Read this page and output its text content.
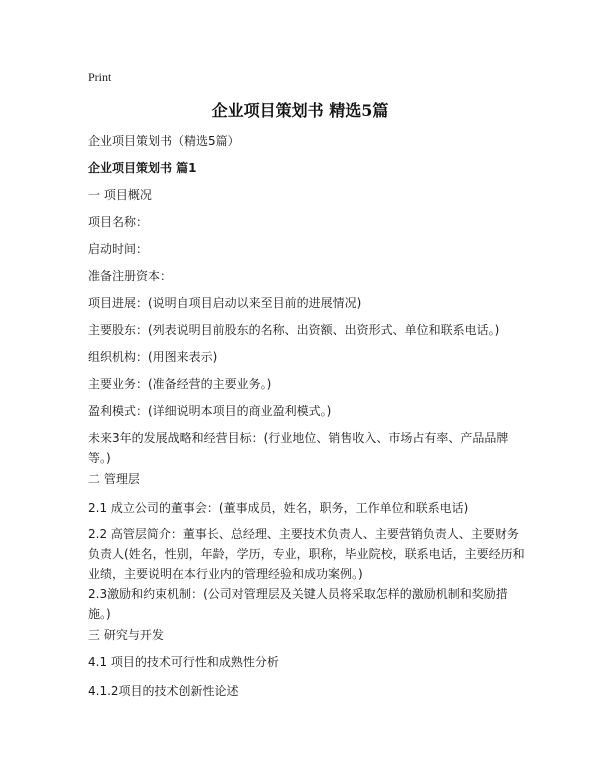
Print
企业项目策划书 精选5篇
企业项目策划书（精选5篇）
企业项目策划书 篇1
一 项目概况
项目名称：
启动时间：
准备注册资本：
项目进展：(说明自项目启动以来至目前的进展情况)
主要股东：(列表说明目前股东的名称、出资额、出资形式、单位和联系电话。)
组织机构：(用图来表示)
主要业务：(准备经营的主要业务。)
盈利模式：(详细说明本项目的商业盈利模式。)
未来3年的发展战略和经营目标：(行业地位、销售收入、市场占有率、产品品牌等。)
二 管理层
2.1 成立公司的董事会：(董事成员，姓名，职务，工作单位和联系电话)
2.2 高管层简介：董事长、总经理、主要技术负责人、主要营销负责人、主要财务负责人(姓名，性别，年龄，学历，专业，职称，毕业院校，联系电话，主要经历和业绩，主要说明在本行业内的管理经验和成功案例。)
2.3激励和约束机制：(公司对管理层及关键人员将采取怎样的激励机制和奖励措施。)
三 研究与开发
4.1 项目的技术可行性和成熟性分析
4.1.2项目的技术创新性论述
